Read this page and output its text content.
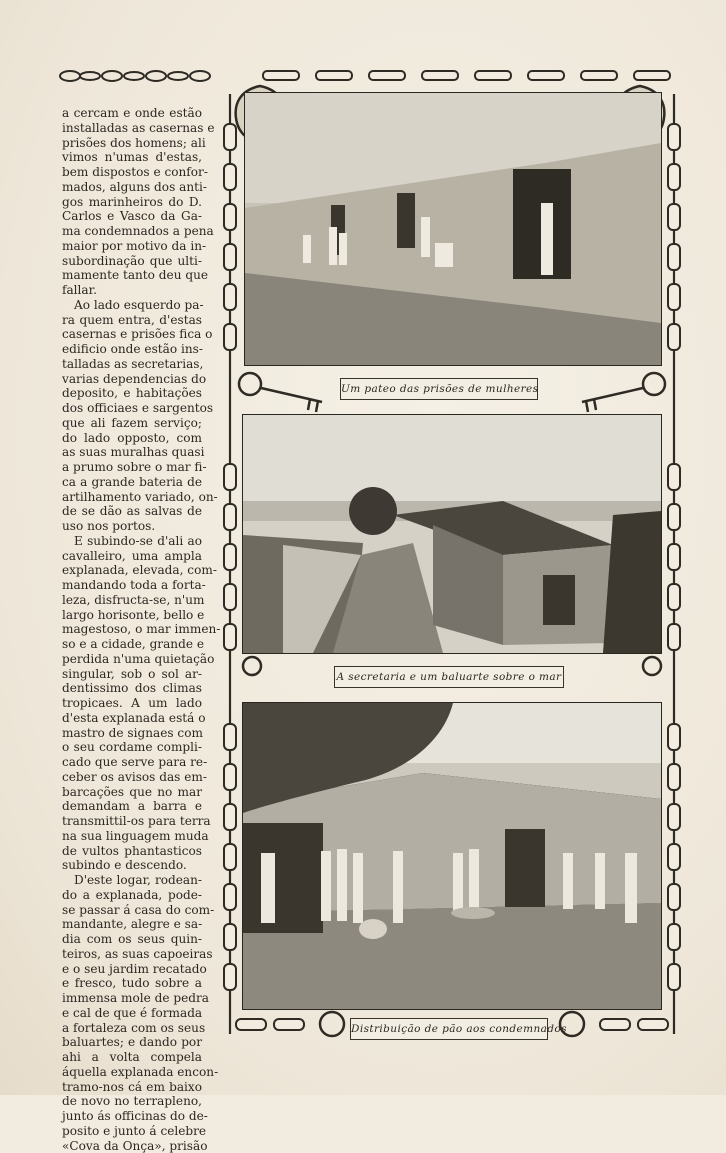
a cercam e onde estão
installadas as casernas e
prisões dos homens; ali
vimos n'umas d'estas,
bem dispostos e confor-
mados, alguns dos anti-
gos marinheiros do D.
Carlos e Vasco da Ga-
ma condemnados a pena
maior por motivo da in-
subordinação que ulti-
mamente tanto deu que
fallar.
Ao lado esquerdo pa-
ra quem entra, d'estas
casernas e prisões fica o
edificio onde estão ins-
talladas as secretarias,
varias dependencias do
deposito, e habitações
dos officiaes e sargentos
que ali fazem serviço;
do lado opposto, com
as suas muralhas quasi
a prumo sobre o mar fi-
ca a grande bateria de
artilhamento variado, on-
de se dão as salvas de
uso nos portos.
E subindo-se d'ali ao
cavalleiro, uma ampla
explanada, elevada, com-
mandando toda a forta-
leza, disfructa-se, n'um
largo horisonte, bello e
magestoso, o mar immen-
so e a cidade, grande e
perdida n'uma quietação
singular, sob o sol ar-
dentissimo dos climas
tropicaes. A um lado
d'esta explanada está o
mastro de signaes com
o seu cordame compli-
cado que serve para re-
ceber os avisos das em-
barcações que no mar
demandam a barra e
transmittil-os para terra
na sua linguagem muda
de vultos phantasticos
subindo e descendo.
D'este logar, rodean-
do a explanada, pode-
se passar á casa do com-
mandante, alegre e sa-
dia com os seus quin-
teiros, as suas capoeiras
e o seu jardim recatado
e fresco, tudo sobre a
immensa mole de pedra
e cal de que é formada
a fortaleza com os seus
baluartes; e dando por
ahi a volta compela
áquella explanada encon-
tramo-nos cá em baixo
de novo no terrapleno,
junto ás officinas do de-
posito e junto á celebre
«Cova da Onça», prisão
Um pateo das prisões de mulheres
A secretaria e um baluarte sobre o mar
Distribuição de pão aos condemnados
